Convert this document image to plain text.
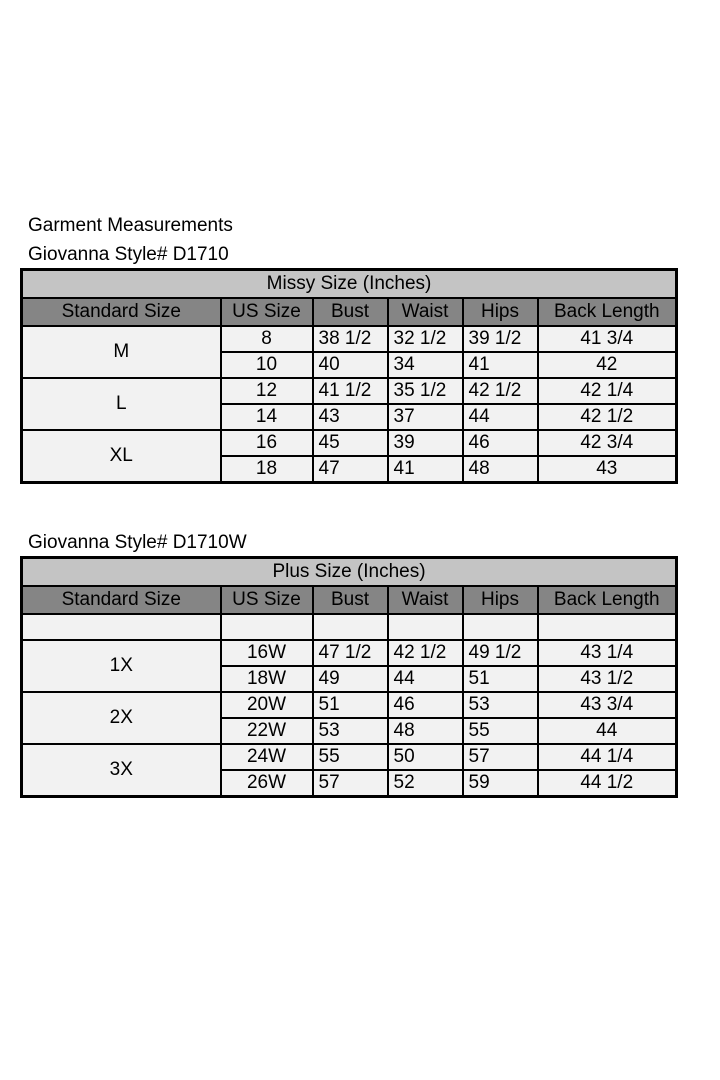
Garment Measurements
Giovanna Style# D1710
Missy Size (Inches)					
Standard Size	US Size	Bust	Waist	Hips	Back Length
M	8	38 1/2	32 1/2	39 1/2	41 3/4
	10	40	34	41	42
L	12	41 1/2	35 1/2	42 1/2	42 1/4
	14	43	37	44	42 1/2
XL	16	45	39	46	42 3/4
	18	47	41	48	43
Giovanna Style# D1710W
Plus Size (Inches)					
Standard Size	US Size	Bust	Waist	Hips	Back Length

1X	16W	47 1/2	42 1/2	49 1/2	43 1/4
	18W	49	44	51	43 1/2
2X	20W	51	46	53	43 3/4
	22W	53	48	55	44
3X	24W	55	50	57	44 1/4
	26W	57	52	59	44 1/2
